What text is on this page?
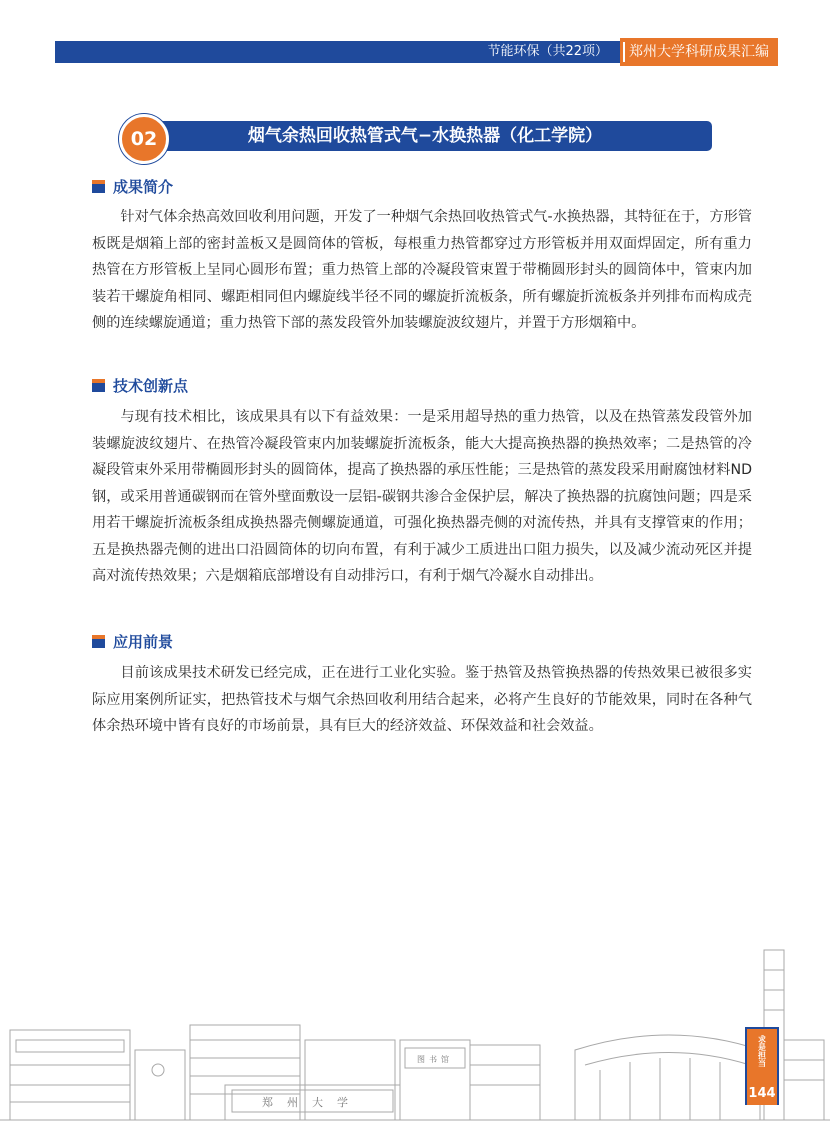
节能环保（共22项）	郑州大学科研成果汇编
烟气余热回收热管式气−水换热器（化工学院）
02
成果简介

针对气体余热高效回收利用问题，开发了一种烟气余热回收热管式气-水换热器，其特征在于，方形管板既是烟箱上部的密封盖板又是圆筒体的管板，每根重力热管都穿过方形管板并用双面焊固定，所有重力热管在方形管板上呈同心圆形布置；重力热管上部的冷凝段管束置于带椭圆形封头的圆筒体中，管束内加装若干螺旋角相同、螺距相同但内螺旋线半径不同的螺旋折流板条，所有螺旋折流板条并列排布而构成壳侧的连续螺旋通道；重力热管下部的蒸发段管外加装螺旋波纹翅片，并置于方形烟箱中。

技术创新点

与现有技术相比，该成果具有以下有益效果：一是采用超导热的重力热管，以及在热管蒸发段管外加装螺旋波纹翅片、在热管冷凝段管束内加装螺旋折流板条，能大大提高换热器的换热效率；二是热管的冷凝段管束外采用带椭圆形封头的圆筒体，提高了换热器的承压性能；三是热管的蒸发段采用耐腐蚀材料ND钢，或采用普通碳钢而在管外壁面敷设一层铝-碳钢共渗合金保护层，解决了换热器的抗腐蚀问题；四是采用若干螺旋折流板条组成换热器壳侧螺旋通道，可强化换热器壳侧的对流传热，并具有支撑管束的作用；五是换热器壳侧的进出口沿圆筒体的切向布置，有利于减少工质进出口阻力损失，以及减少流动死区并提高对流传热效果；六是烟箱底部增设有自动排污口，有利于烟气冷凝水自动排出。

应用前景

目前该成果技术研发已经完成，正在进行工业化实验。鉴于热管及热管换热器的传热效果已被很多实际应用案例所证实，把热管技术与烟气余热回收利用结合起来，必将产生良好的节能效果，同时在各种气体余热环境中皆有良好的市场前景，具有巨大的经济效益、环保效益和社会效益。

郑州大学
图书馆	求是担当
144
